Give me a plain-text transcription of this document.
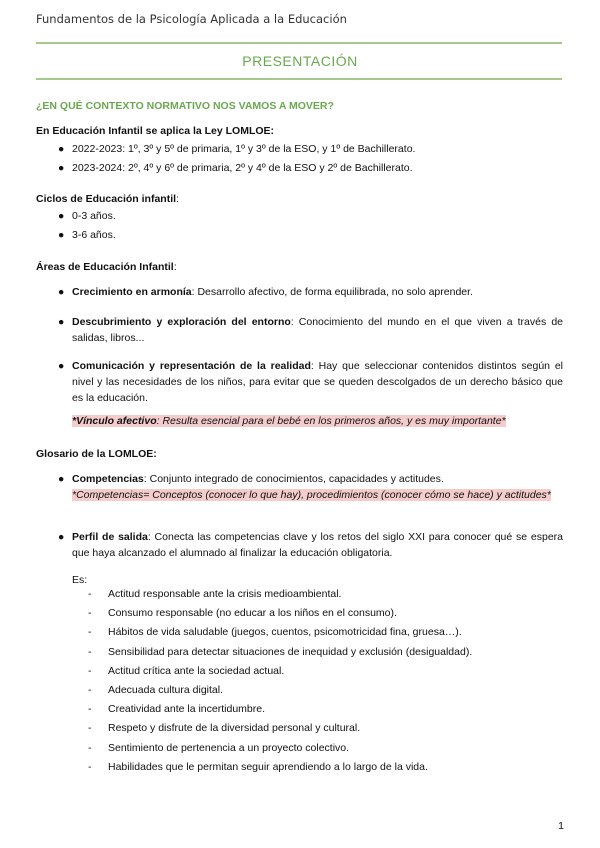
Fundamentos de la Psicología Aplicada a la Educación
PRESENTACIÓN
¿EN QUÉ CONTEXTO NORMATIVO NOS VAMOS A MOVER?
En Educación Infantil se aplica la Ley LOMLOE:
● 2022-2023: 1º, 3º y 5º de primaria, 1º y 3º de la ESO, y 1º de Bachillerato.
● 2023-2024: 2º, 4º y 6º de primaria, 2º y 4º de la ESO y 2º de Bachillerato.
Ciclos de Educación infantil:
● 0-3 años.
● 3-6 años.
Áreas de Educación Infantil:
● Crecimiento en armonía: Desarrollo afectivo, de forma equilibrada, no solo aprender.
● Descubrimiento y exploración del entorno: Conocimiento del mundo en el que viven a través de salidas, libros...
● Comunicación y representación de la realidad: Hay que seleccionar contenidos distintos según el nivel y las necesidades de los niños, para evitar que se queden descolgados de un derecho básico que es la educación.
*Vínculo afectivo: Resulta esencial para el bebé en los primeros años, y es muy importante*
Glosario de la LOMLOE:
● Competencias: Conjunto integrado de conocimientos, capacidades y actitudes.
*Competencias= Conceptos (conocer lo que hay), procedimientos (conocer cómo se hace) y actitudes*
● Perfil de salida: Conecta las competencias clave y los retos del siglo XXI para conocer qué se espera que haya alcanzado el alumnado al finalizar la educación obligatoria.
Es:
- Actitud responsable ante la crisis medioambiental.
- Consumo responsable (no educar a los niños en el consumo).
- Hábitos de vida saludable (juegos, cuentos, psicomotricidad fina, gruesa…).
- Sensibilidad para detectar situaciones de inequidad y exclusión (desigualdad).
- Actitud crítica ante la sociedad actual.
- Adecuada cultura digital.
- Creatividad ante la incertidumbre.
- Respeto y disfrute de la diversidad personal y cultural.
- Sentimiento de pertenencia a un proyecto colectivo.
- Habilidades que le permitan seguir aprendiendo a lo largo de la vida.
1
